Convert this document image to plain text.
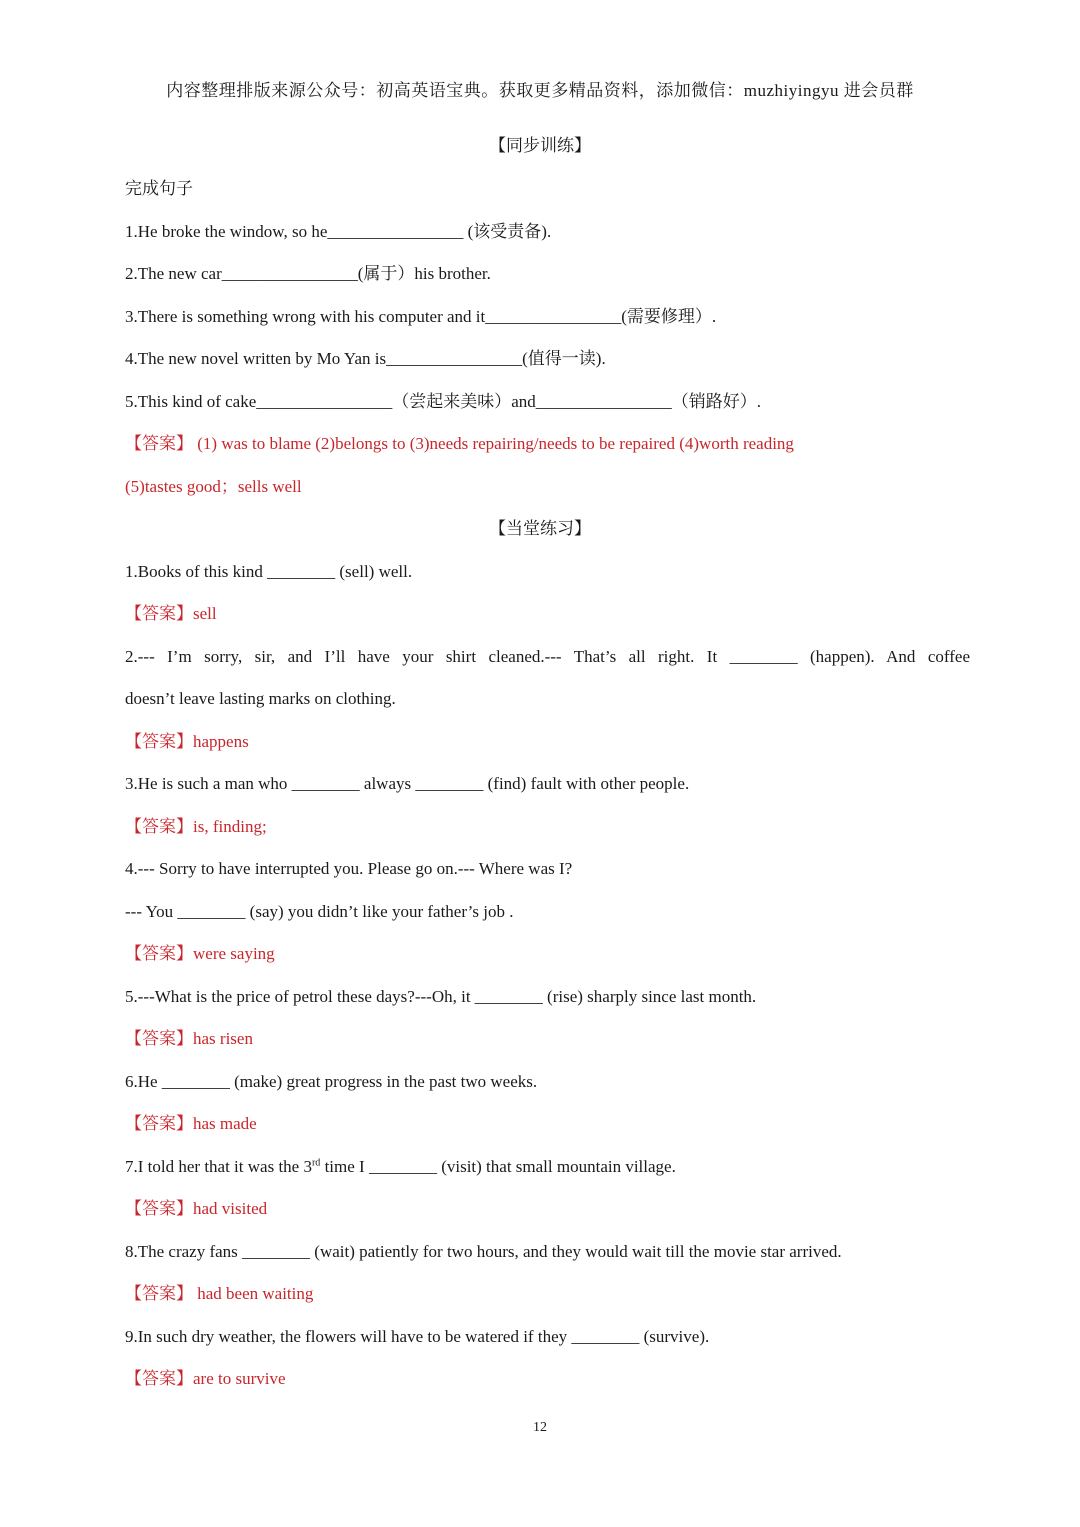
内容整理排版来源公众号：初高英语宝典。获取更多精品资料，添加微信：muzhiyingyu 进会员群
【同步训练】
完成句子
1.He broke the window, so he________________ (该受责备).
2.The new car________________(属于）his brother.
3.There is something wrong with his computer and it________________(需要修理）.
4.The new novel written by Mo Yan is________________(值得一读).
5.This kind of cake________________（尝起来美味）and________________（销路好）.
【答案】 (1) was to blame (2)belongs to (3)needs repairing/needs to be repaired (4)worth reading
(5)tastes good；sells well
【当堂练习】
1.Books of this kind ________ (sell) well.
【答案】sell
2.--- I’m sorry, sir, and I’ll have your shirt cleaned.--- That’s all right. It ________ (happen). And coffee
doesn’t leave lasting marks on clothing.
【答案】happens
3.He is such a man who ________ always ________ (find) fault with other people.
【答案】is, finding;
4.--- Sorry to have interrupted you. Please go on.--- Where was I?
--- You ________ (say) you didn’t like your father’s job .
【答案】were saying
5.---What is the price of petrol these days?---Oh, it ________ (rise) sharply since last month.
【答案】has risen
6.He ________ (make) great progress in the past two weeks.
【答案】has made
7.I told her that it was the 3rd time I ________ (visit) that small mountain village.
【答案】had visited
8.The crazy fans ________ (wait) patiently for two hours, and they would wait till the movie star arrived.
【答案】 had been waiting
9.In such dry weather, the flowers will have to be watered if they ________ (survive).
【答案】are to survive
12
